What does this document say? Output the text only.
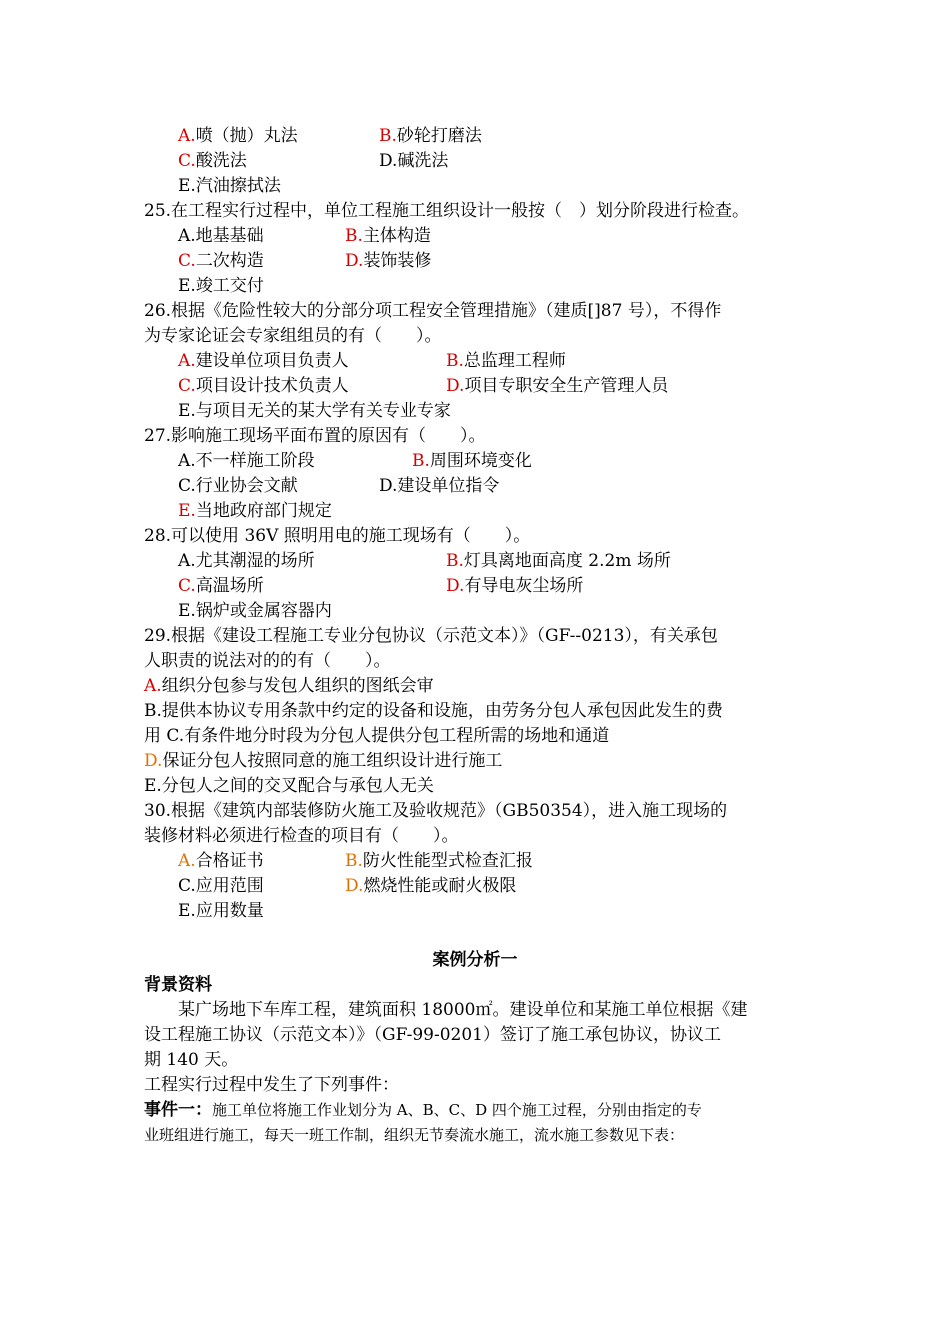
A.喷（抛）丸法	B.砂轮打磨法
C.酸洗法	D.碱洗法
E.汽油擦拭法
25.在工程实行过程中，单位工程施工组织设计一般按（　）划分阶段进行检查。
A.地基基础	B.主体构造
C.二次构造	D.装饰装修
E.竣工交付
26.根据《危险性较大的分部分项工程安全管理措施》（建质[]87 号），不得作
为专家论证会专家组组员的有（　　）。
A.建设单位项目负责人	B.总监理工程师
C.项目设计技术负责人	D.项目专职安全生产管理人员
E.与项目无关的某大学有关专业专家
27.影响施工现场平面布置的原因有（　　）。
A.不一样施工阶段	B.周围环境变化
C.行业协会文献	D.建设单位指令
E.当地政府部门规定
28.可以使用 36V 照明用电的施工现场有（　　）。
A.尤其潮湿的场所	B.灯具离地面高度 2.2m 场所
C.高温场所	D.有导电灰尘场所
E.锅炉或金属容器内
29.根据《建设工程施工专业分包协议（示范文本）》（GF--0213），有关承包
人职责的说法对的的有（　　）。
A.组织分包参与发包人组织的图纸会审
B.提供本协议专用条款中约定的设备和设施，由劳务分包人承包因此发生的费
用 C.有条件地分时段为分包人提供分包工程所需的场地和通道
D.保证分包人按照同意的施工组织设计进行施工
E.分包人之间的交叉配合与承包人无关
30.根据《建筑内部装修防火施工及验收规范》（GB50354），进入施工现场的
装修材料必须进行检查的项目有（　　）。
A.合格证书	B.防火性能型式检查汇报
C.应用范围	D.燃烧性能或耐火极限
E.应用数量
案例分析一
背景资料
某广场地下车库工程，建筑面积 18000㎡。建设单位和某施工单位根据《建
设工程施工协议（示范文本）》（GF-99-0201）签订了施工承包协议，协议工
期 140 天。
工程实行过程中发生了下列事件：
事件一：施工单位将施工作业划分为 A、B、C、D 四个施工过程，分别由指定的专
业班组进行施工，每天一班工作制，组织无节奏流水施工，流水施工参数见下表：
